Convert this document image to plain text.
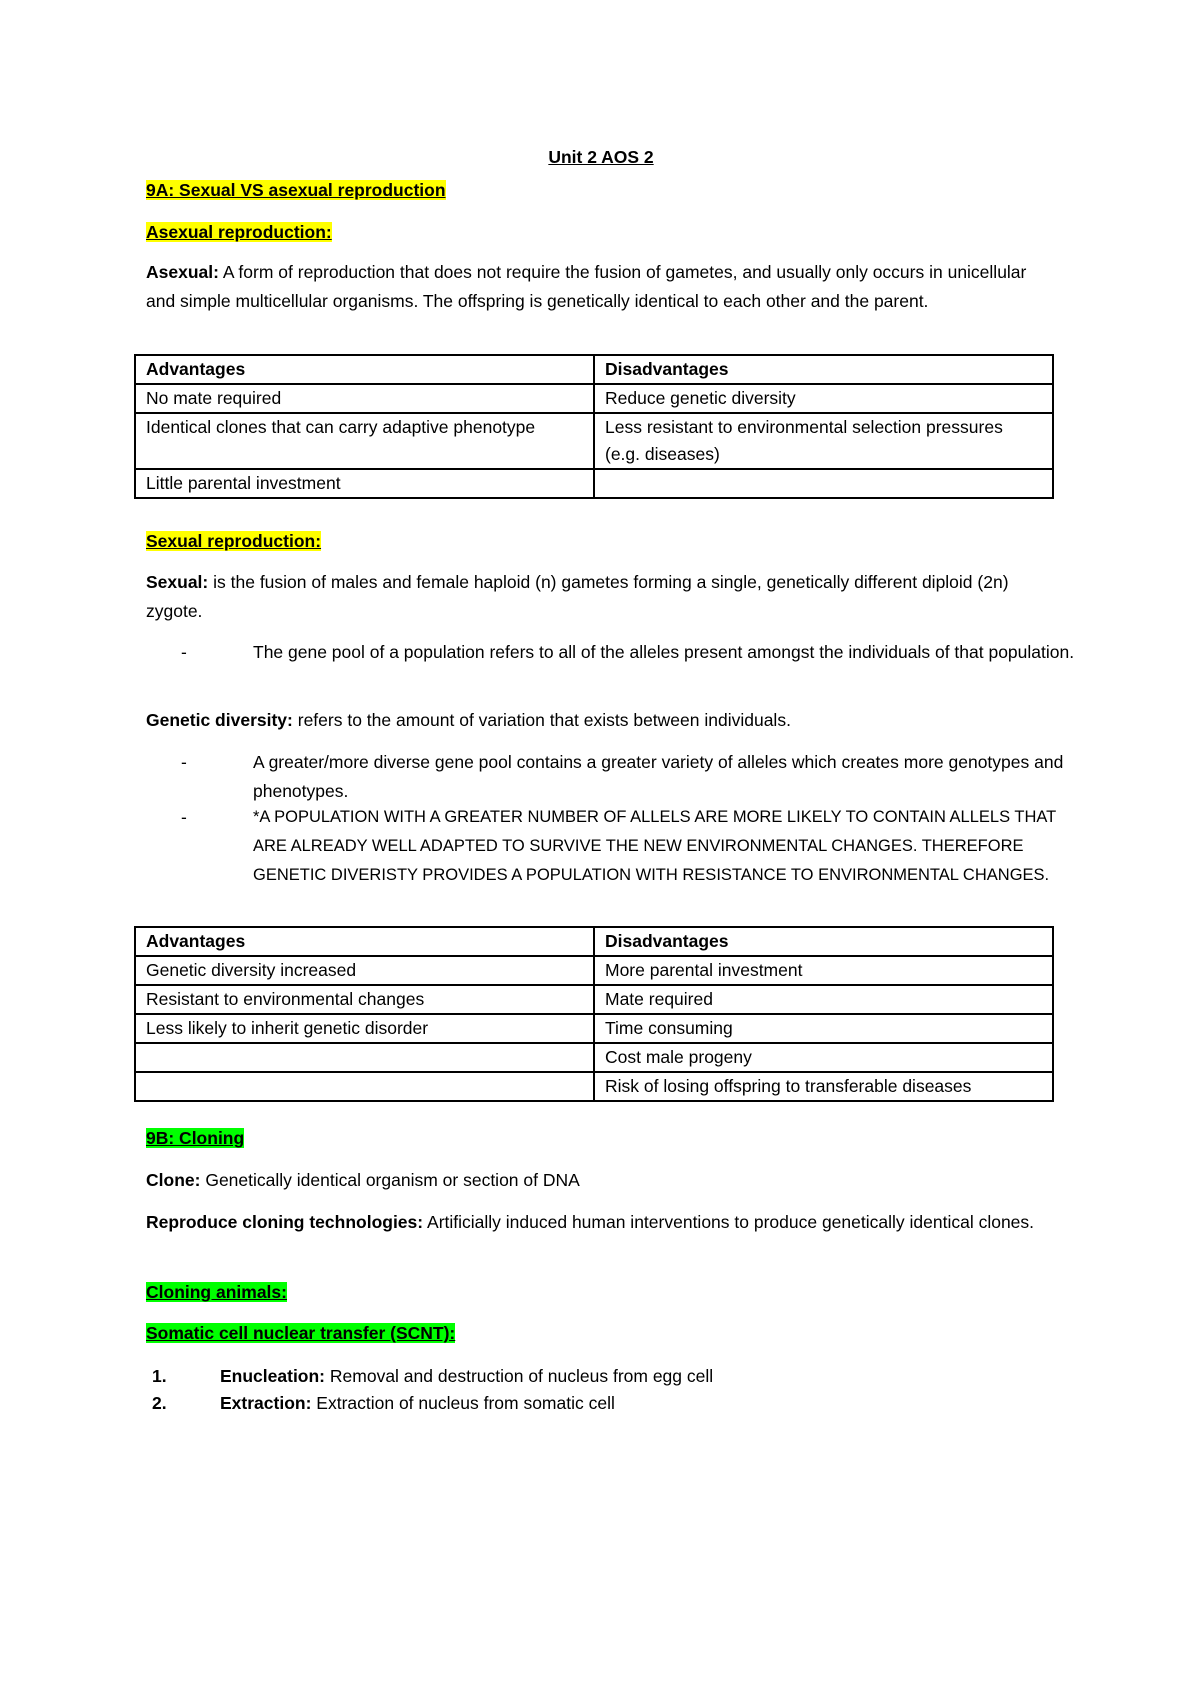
Unit 2 AOS 2
9A: Sexual VS asexual reproduction
Asexual reproduction:
Asexual: A form of reproduction that does not require the fusion of gametes, and usually only occurs in unicellular and simple multicellular organisms. The offspring is genetically identical to each other and the parent.
Advantages	Disadvantages
No mate required	Reduce genetic diversity
Identical clones that can carry adaptive phenotype	Less resistant to environmental selection pressures (e.g. diseases)
Little parental investment	
Sexual reproduction:
Sexual: is the fusion of males and female haploid (n) gametes forming a single, genetically different diploid (2n) zygote.
-	The gene pool of a population refers to all of the alleles present amongst the individuals of that population.
Genetic diversity: refers to the amount of variation that exists between individuals.
-	A greater/more diverse gene pool contains a greater variety of alleles which creates more genotypes and phenotypes.
-	*A POPULATION WITH A GREATER NUMBER OF ALLELS ARE MORE LIKELY TO CONTAIN ALLELS THAT ARE ALREADY WELL ADAPTED TO SURVIVE THE NEW ENVIRONMENTAL CHANGES. THEREFORE GENETIC DIVERISTY PROVIDES A POPULATION WITH RESISTANCE TO ENVIRONMENTAL CHANGES.
Advantages	Disadvantages
Genetic diversity increased	More parental investment
Resistant to environmental changes	Mate required
Less likely to inherit genetic disorder	Time consuming
	Cost male progeny
	Risk of losing offspring to transferable diseases
9B: Cloning
Clone: Genetically identical organism or section of DNA
Reproduce cloning technologies: Artificially induced human interventions to produce genetically identical clones.
Cloning animals:
Somatic cell nuclear transfer (SCNT):
1.	Enucleation: Removal and destruction of nucleus from egg cell
2.	Extraction: Extraction of nucleus from somatic cell
